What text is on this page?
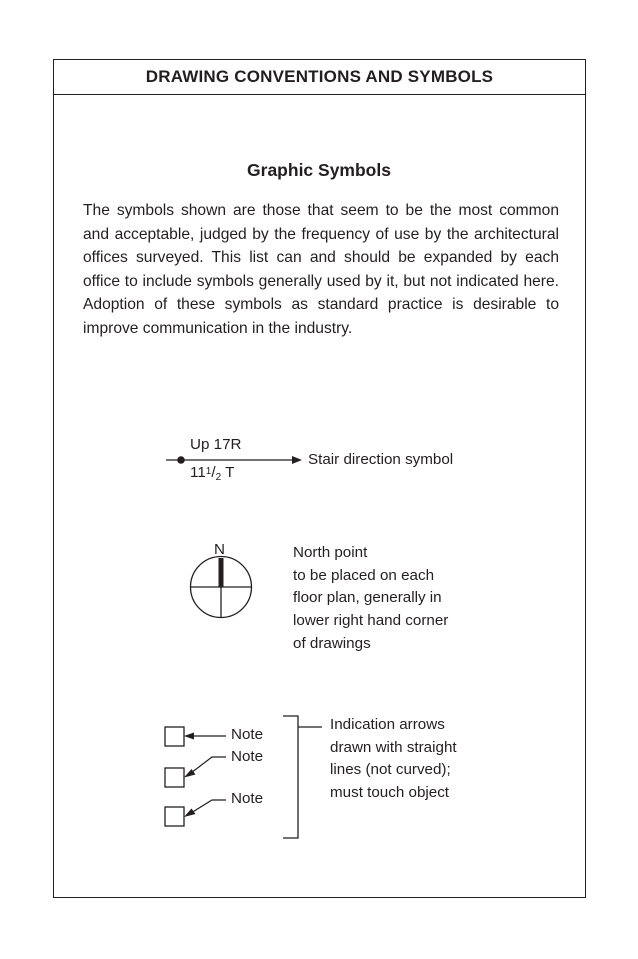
DRAWING CONVENTIONS AND SYMBOLS
Graphic Symbols
The symbols shown are those that seem to be the most common and acceptable, judged by the frequency of use by the architectural offices surveyed. This list can and should be expanded by each office to include symbols generally used by it, but not indicated here. Adoption of these symbols as standard practice is desirable to improve communication in the industry.
Up 17R
$11^1/_2$ T
Stair direction symbol
N	North point
to be placed on each
floor plan, generally in
lower right hand corner
of drawings
Note
Note
Note
Indication arrows
drawn with straight
lines (not curved);
must touch object
